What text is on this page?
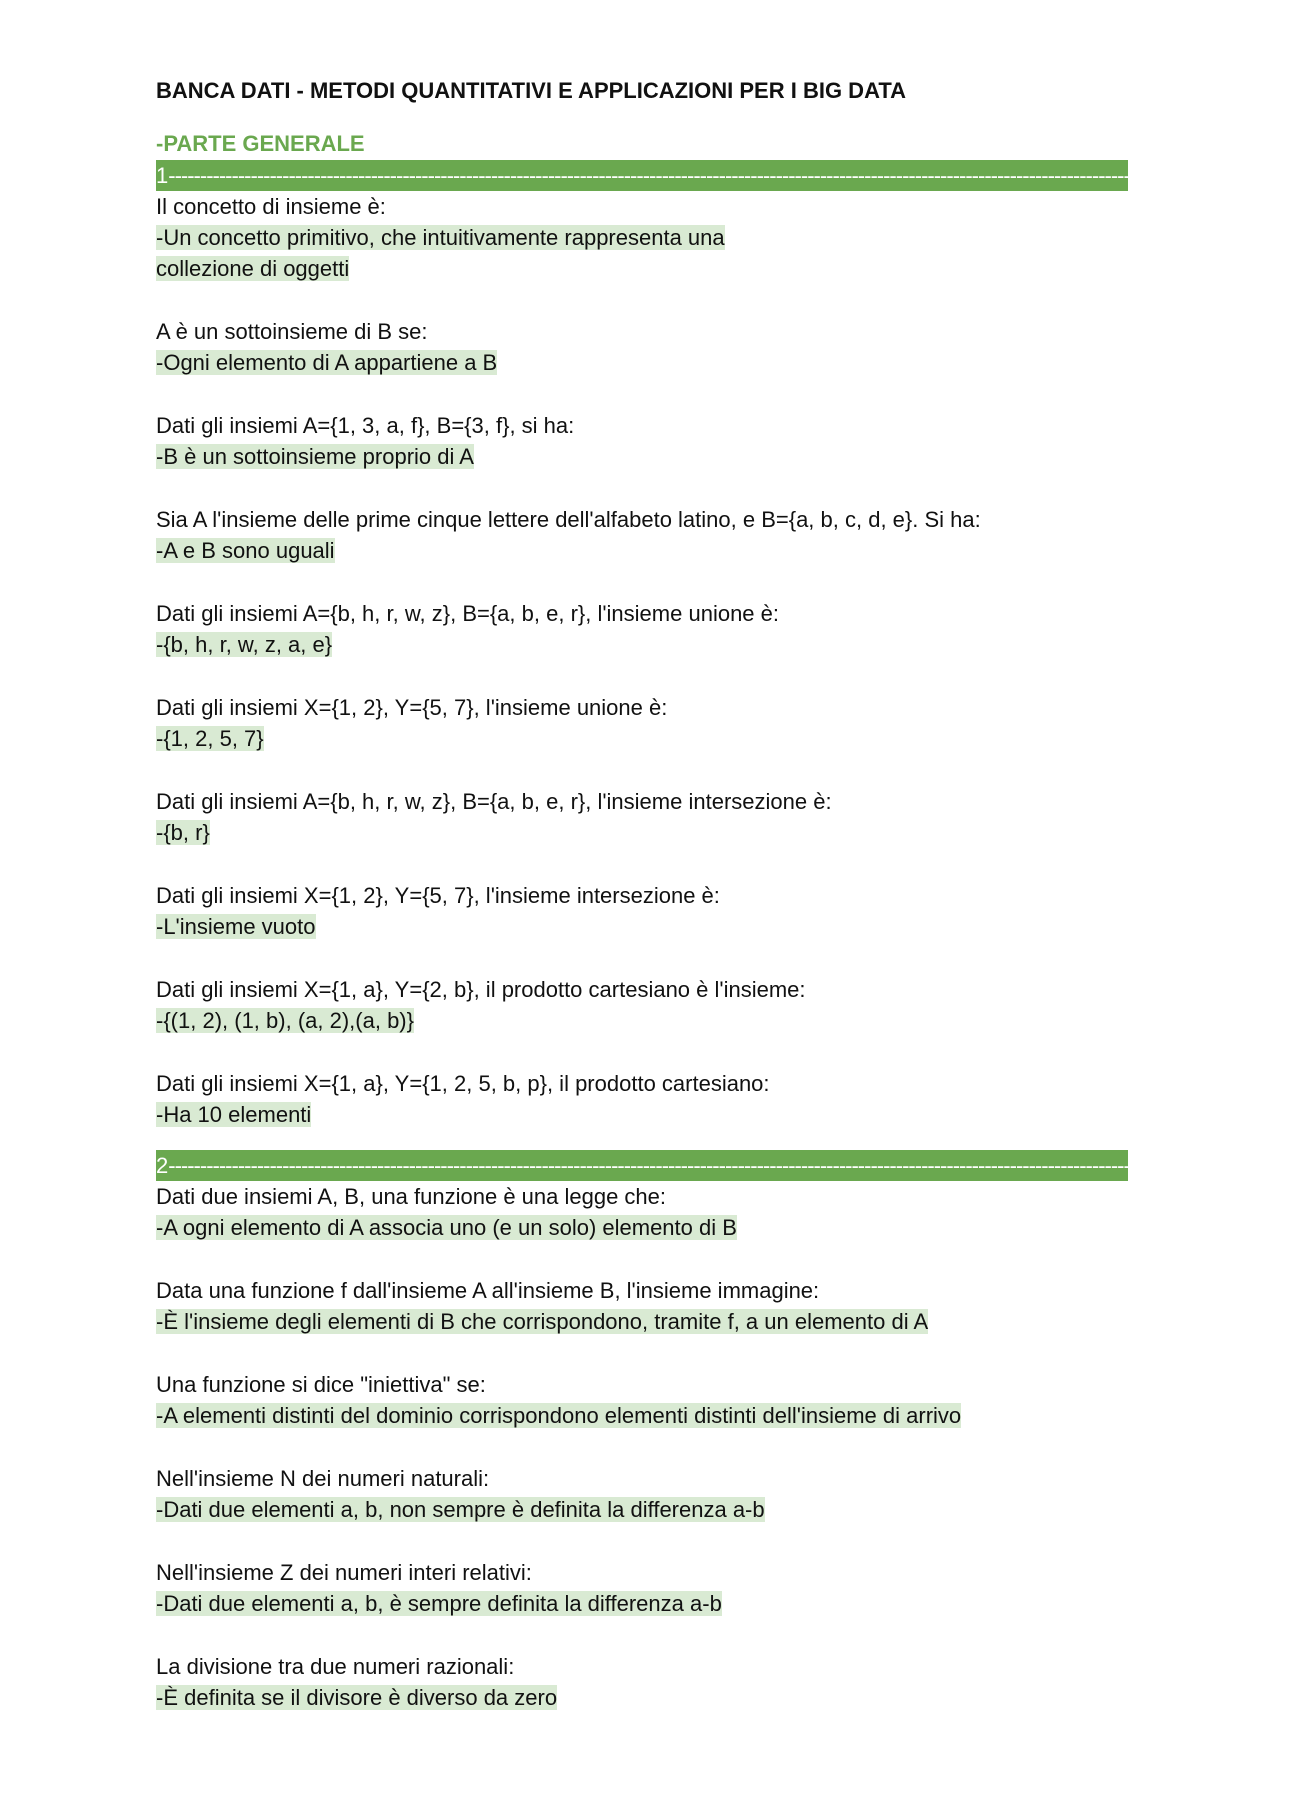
BANCA DATI - METODI QUANTITATIVI E APPLICAZIONI PER I BIG DATA
-PARTE GENERALE
1------------------------------------------------------------------------------------------------------------------------------------------------------------------------------------
Il concetto di insieme è:
-Un concetto primitivo, che intuitivamente rappresenta una collezione di oggetti
A è un sottoinsieme di B se:
-Ogni elemento di A appartiene a B
Dati gli insiemi A={1, 3, a, f}, B={3, f}, si ha:
-B è un sottoinsieme proprio di A
Sia A l'insieme delle prime cinque lettere dell'alfabeto latino, e B={a, b, c, d, e}. Si ha:
-A e B sono uguali
Dati gli insiemi A={b, h, r, w, z}, B={a, b, e, r}, l'insieme unione è:
-{b, h, r, w, z, a, e}
Dati gli insiemi X={1, 2}, Y={5, 7}, l'insieme unione è:
-{1, 2, 5, 7}
Dati gli insiemi A={b, h, r, w, z}, B={a, b, e, r}, l'insieme intersezione è:
-{b, r}
Dati gli insiemi X={1, 2}, Y={5, 7}, l'insieme intersezione è:
-L'insieme vuoto
Dati gli insiemi X={1, a}, Y={2, b}, il prodotto cartesiano è l'insieme:
-{(1, 2), (1, b), (a, 2),(a, b)}
Dati gli insiemi X={1, a}, Y={1, 2, 5, b, p}, il prodotto cartesiano:
-Ha 10 elementi
2------------------------------------------------------------------------------------------------------------------------------------------------------------------------------------
Dati due insiemi A, B, una funzione è una legge che:
-A ogni elemento di A associa uno (e un solo) elemento di B
Data una funzione f dall'insieme A all'insieme B, l'insieme immagine:
-È l'insieme degli elementi di B che corrispondono, tramite f, a un elemento di A
Una funzione si dice "iniettiva" se:
-A elementi distinti del dominio corrispondono elementi distinti dell'insieme di arrivo
Nell'insieme N dei numeri naturali:
-Dati due elementi a, b, non sempre è definita la differenza a-b
Nell'insieme Z dei numeri interi relativi:
-Dati due elementi a, b, è sempre definita la differenza a-b
La divisione tra due numeri razionali:
-È definita se il divisore è diverso da zero
